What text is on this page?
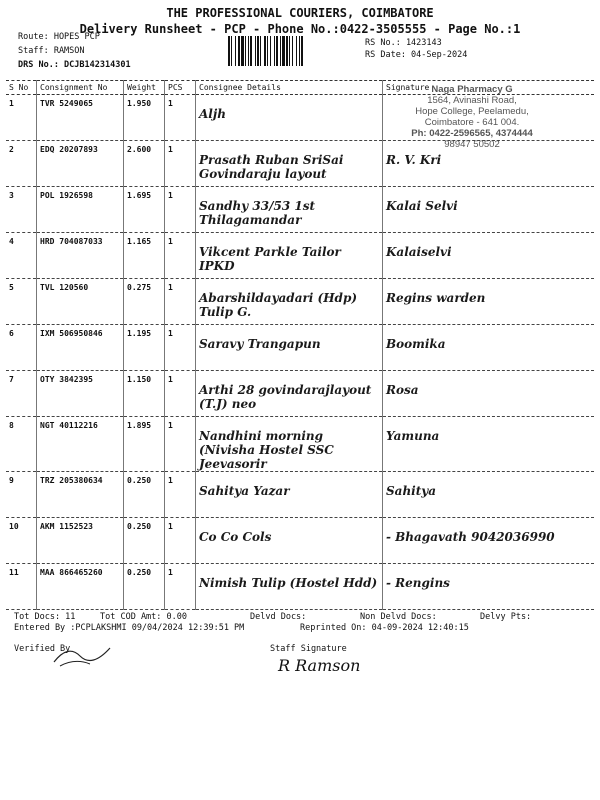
THE PROFESSIONAL COURIERS, COIMBATORE
Delivery Runsheet - PCP - Phone No.:0422-3505555 - Page No.:1
Route: HOPES PCP
Staff: RAMSON
DRS No.: DCJB142314301
RS No.: 1423143
RS Date: 04-Sep-2024
Naga Pharmacy G
1564, Avinashi Road,
Hope College, Peelamedu,
Coimbatore - 641 004.
Ph: 0422-2596565, 4374444
98947 50502
S No	Consignment No	Weight	PCS	Consignee Details	Signature
1	TVR 5249065	1.950	1	Aljh	
2	EDQ 20207893	2.600	1	Prasath Ruban SriSai Govindaraju layout	R. V. Kri
3	POL 1926598	1.695	1	Sandhy 33/53 1st Thilagamandar	Kalai Selvi
4	HRD 704087033	1.165	1	Vikcent Parkle Tailor IPKD	Kalaiselvi
5	TVL 120560	0.275	1	Abarshildayadari (Hdp) Tulip G.	Regins warden
6	IXM 506950846	1.195	1	Saravy Trangapun	Boomika
7	OTY 3842395	1.150	1	Arthi 28 govindarajlayout (T.J) neo	Rosa
8	NGT 40112216	1.895	1	Nandhini morning (Nivisha Hostel SSC Jeevasorir	Yamuna
9	TRZ 205380634	0.250	1	Sahitya Yazar	Sahitya
10	AKM 1152523	0.250	1	Co Co Cols	- Bhagavath 9042036990
11	MAA 866465260	0.250	1	Nimish Tulip (Hostel Hdd)	- Rengins
Tot Docs: 11	Tot COD Amt: 0.00	Delvd Docs:	Non Delvd Docs:	Delvy Pts:
Entered By :PCPLAKSHMI 09/04/2024 12:39:51 PM	Reprinted On: 04-09-2024 12:40:15
Verified By	Staff Signature
R Ramson
